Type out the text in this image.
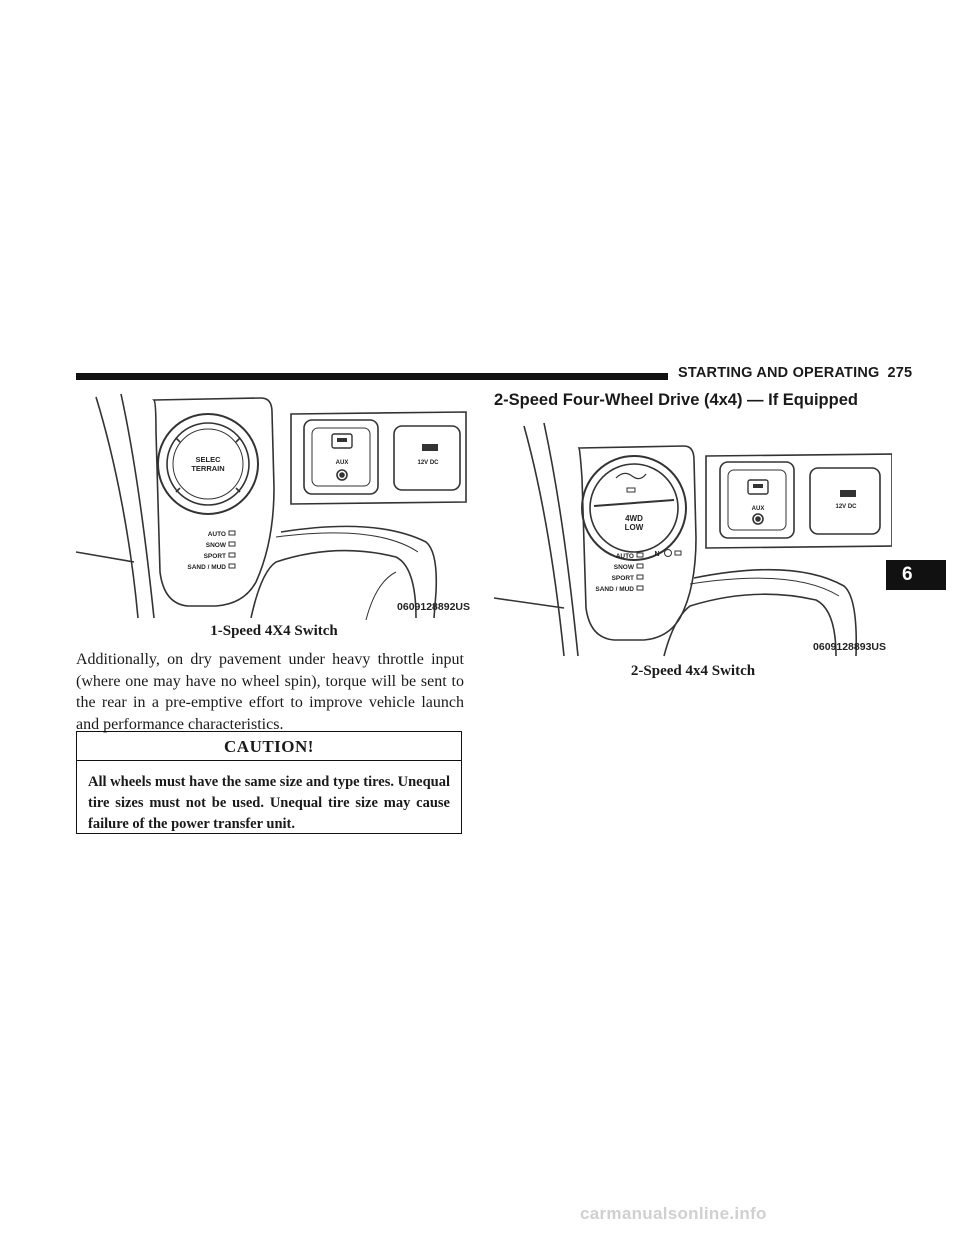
STARTING AND OPERATING 275
SELEC
TERRAIN
AUTO
SNOW
SPORT
SAND / MUD
AUX	12V DC
0609128892US
1-Speed 4X4 Switch
Additionally, on dry pavement under heavy throttle input (where one may have no wheel spin), torque will be sent to the rear in a pre-emptive effort to improve vehicle launch and performance characteristics.
CAUTION!
All wheels must have the same size and type tires. Unequal tire sizes must not be used. Unequal tire size may cause failure of the power transfer unit.
2-Speed Four-Wheel Drive (4x4) — If Equipped
4WD
LOW
N
AUTO
SNOW
SPORT
SAND / MUD
AUX	12V DC
0609128893US
2-Speed 4x4 Switch
6
carmanualsonline.info
